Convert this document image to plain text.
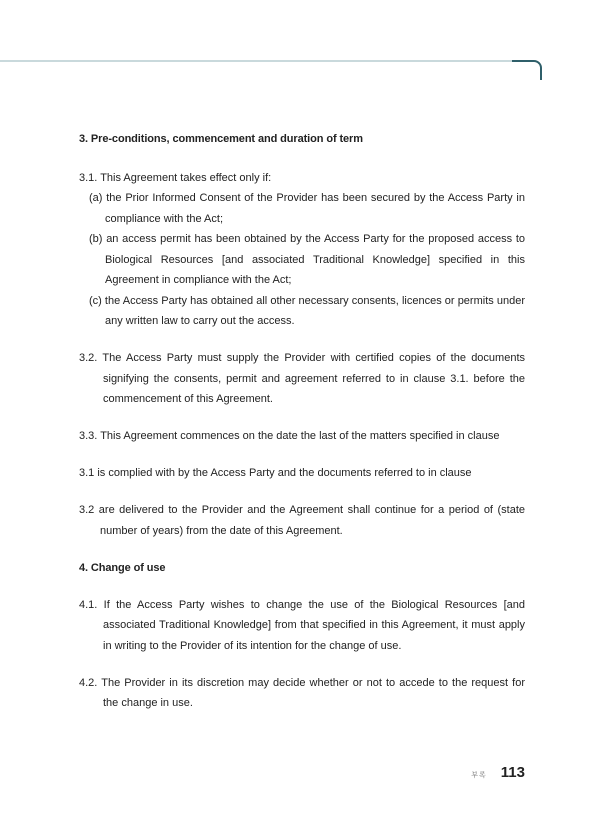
3. Pre-conditions, commencement and duration of term

3.1. This Agreement takes effect only if:

(a) the Prior Informed Consent of the Provider has been secured by the Access Party in compliance with the Act;

(b) an access permit has been obtained by the Access Party for the proposed access to Biological Resources [and associated Traditional Knowledge] specified in this Agreement in compliance with the Act;

(c) the Access Party has obtained all other necessary consents, licences or permits under any written law to carry out the access.

3.2. The Access Party must supply the Provider with certified copies of the documents signifying the consents, permit and agreement referred to in clause 3.1. before the commencement of this Agreement.

3.3. This Agreement commences on the date the last of the matters specified in clause

3.1 is complied with by the Access Party and the documents referred to in clause

3.2 are delivered to the Provider and the Agreement shall continue for a period of (state number of years) from the date of this Agreement.

4. Change of use

4.1. If the Access Party wishes to change the use of the Biological Resources [and associated Traditional Knowledge] from that specified in this Agreement, it must apply in writing to the Provider of its intention for the change of use.

4.2. The Provider in its discretion may decide whether or not to accede to the request for the change in use.

부록 113
